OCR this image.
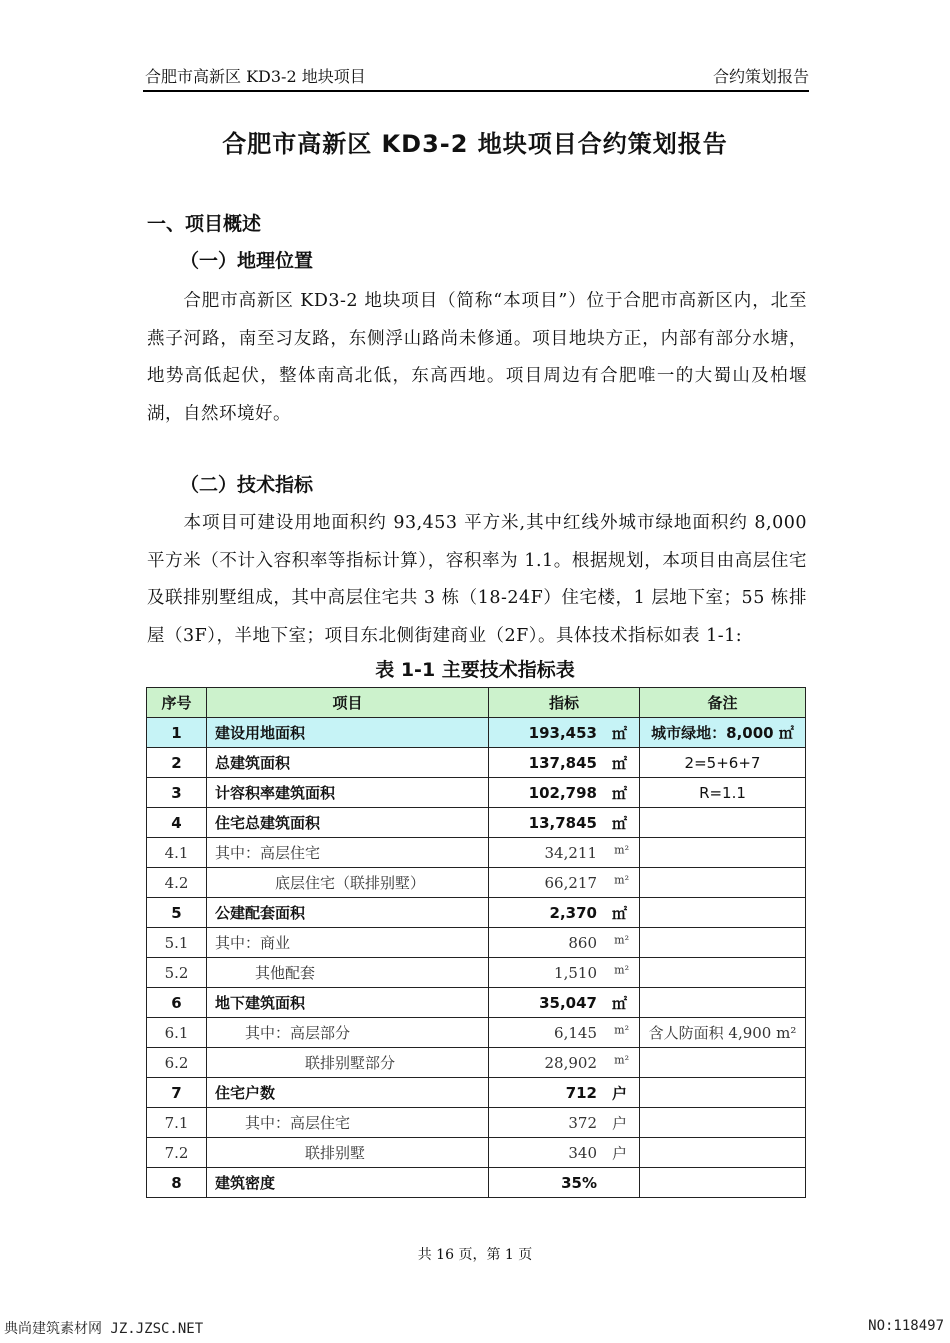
合肥市高新区 KD3-2 地块项目	合约策划报告
合肥市高新区 KD3-2 地块项目合约策划报告
一、项目概述
（一）地理位置
合肥市高新区 KD3-2 地块项目（简称“本项目”）位于合肥市高新区内，北至燕子河路，南至习友路，东侧浮山路尚未修通。项目地块方正，内部有部分水塘，地势高低起伏，整体南高北低，东高西地。项目周边有合肥唯一的大蜀山及柏堰湖，自然环境好。
（二）技术指标
本项目可建设用地面积约 93,453 平方米,其中红线外城市绿地面积约 8,000 平方米（不计入容积率等指标计算），容积率为 1.1。根据规划，本项目由高层住宅及联排别墅组成，其中高层住宅共 3 栋（18-24F）住宅楼，1 层地下室；55 栋排屋（3F），半地下室；项目东北侧街建商业（2F）。具体技术指标如表 1-1:
表 1-1 主要技术指标表
序号	项目	指标	备注
1	建设用地面积	193,453 ㎡	城市绿地：8,000 ㎡
2	总建筑面积	137,845 ㎡	2=5+6+7
3	计容积率建筑面积	102,798 ㎡	R=1.1
4	住宅总建筑面积	13,7845 ㎡	

4.1	其中：高层住宅	34,211 m²	

4.2	底层住宅（联排别墅）	66,217 m²	

5	公建配套面积	2,370 ㎡	

5.1	其中：商业	860 m²	

5.2	其他配套	1,510 m²	

6	地下建筑面积	35,047 ㎡	

6.1	其中：高层部分	6,145 m²	含人防面积 4,900 m²
6.2	联排别墅部分	28,902 m²	

7	住宅户数	712 户	

7.1	其中：高层住宅	372 户	

7.2	联排别墅	340 户	

8	建筑密度	35%	

共 16 页，第 1 页
典尚建筑素材网 JZ.JZSC.NET	NO:118497
